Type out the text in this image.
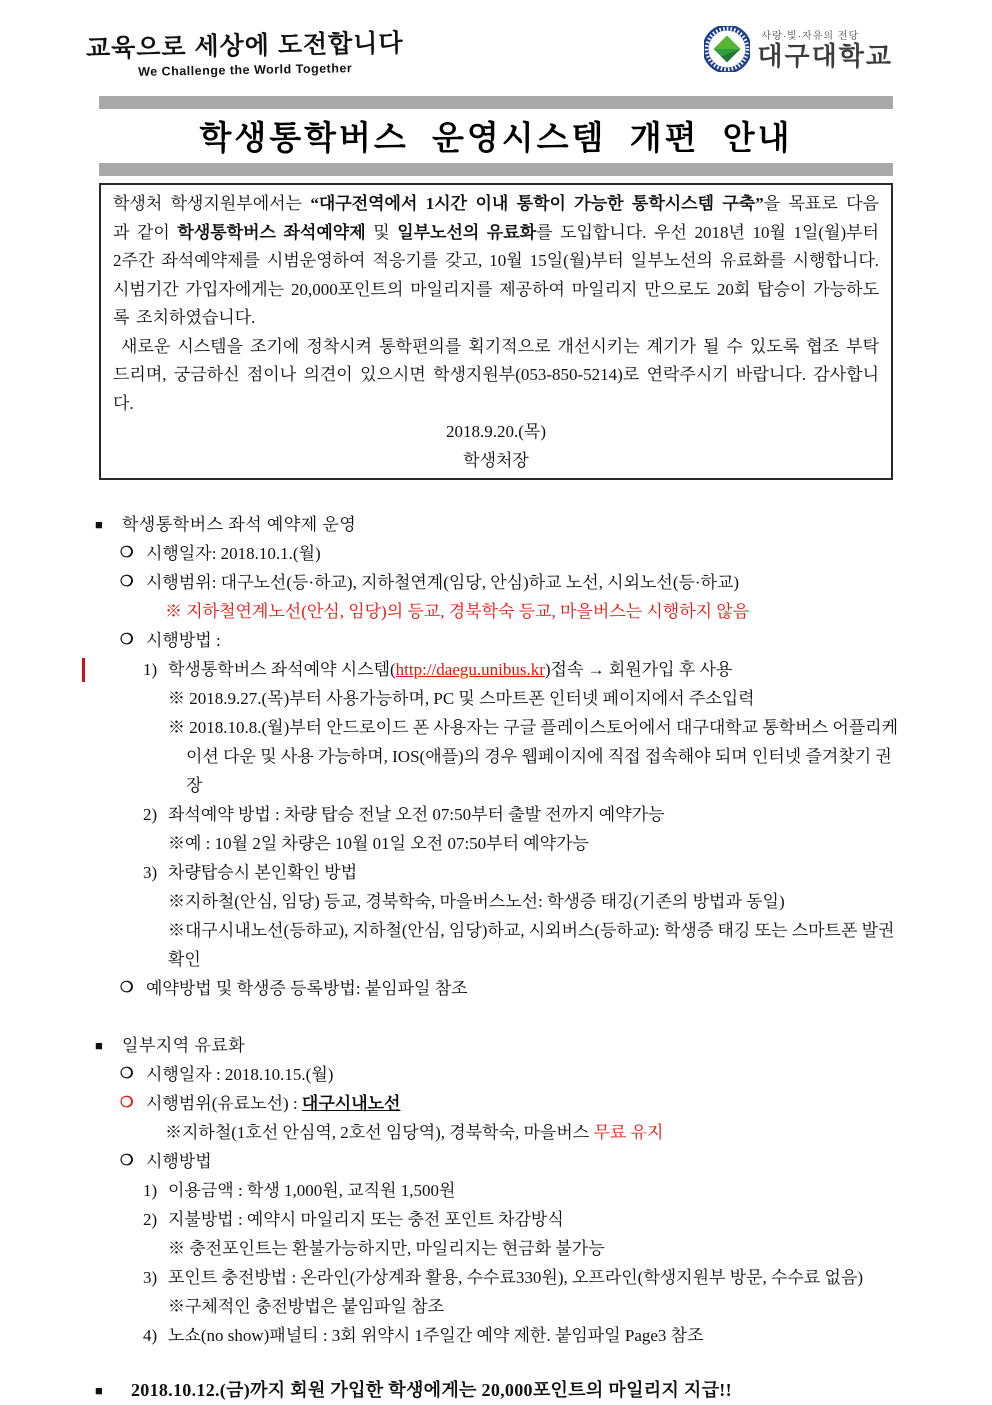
교육으로 세상에 도전합니다
We Challenge the World Together
사랑·빛·자유의 전당
대구대학교
학생통학버스 운영시스템 개편 안내

학생처 학생지원부에서는 “대구전역에서 1시간 이내 통학이 가능한 통학시스템 구축”을 목표로 다음과 같이 학생통학버스 좌석예약제 및 일부노선의 유료화를 도입합니다. 우선 2018년 10월 1일(월)부터 2주간 좌석예약제를 시범운영하여 적응기를 갖고, 10월 15일(월)부터 일부노선의 유료화를 시행합니다. 시범기간 가입자에게는 20,000포인트의 마일리지를 제공하여 마일리지 만으로도 20회 탑승이 가능하도록 조치하였습니다.

새로운 시스템을 조기에 정착시켜 통학편의를 획기적으로 개선시키는 계기가 될 수 있도록 협조 부탁드리며, 궁금하신 점이나 의견이 있으시면 학생지원부(053-850-5214)로 연락주시기 바랍니다. 감사합니다.

2018.9.20.(목)
학생처장
■	학생통학버스 좌석 예약제 운영
❍ 시행일자: 2018.10.1.(월)
❍ 시행범위: 대구노선(등·하교), 지하철연계(임당, 안심)하교 노선, 시외노선(등·하교)
※ 지하철연계노선(안심, 임당)의 등교, 경북학숙 등교, 마을버스는 시행하지 않음
❍ 시행방법 :
1) 학생통학버스 좌석예약 시스템(http://daegu.unibus.kr)접속 → 회원가입 후 사용
※ 2018.9.27.(목)부터 사용가능하며, PC 및 스마트폰 인터넷 페이지에서 주소입력
※ 2018.10.8.(월)부터 안드로이드 폰 사용자는 구글 플레이스토어에서 대구대학교 통학버스 어플리케이션 다운 및 사용 가능하며, IOS(애플)의 경우 웹페이지에 직접 접속해야 되며 인터넷 즐겨찾기 권장
2) 좌석예약 방법 : 차량 탑승 전날 오전 07:50부터 출발 전까지 예약가능
※예 : 10월 2일 차량은 10월 01일 오전 07:50부터 예약가능
3) 차량탑승시 본인확인 방법
※지하철(안심, 임당) 등교, 경북학숙, 마을버스노선: 학생증 태깅(기존의 방법과 동일)
※대구시내노선(등하교), 지하철(안심, 임당)하교, 시외버스(등하교): 학생증 태깅 또는 스마트폰 발권 확인
❍ 예약방법 및 학생증 등록방법: 붙임파일 참조
■	일부지역 유료화
❍ 시행일자 : 2018.10.15.(월)
❍ 시행범위(유료노선) : 대구시내노선
※지하철(1호선 안심역, 2호선 임당역), 경북학숙, 마을버스 무료 유지
❍ 시행방법
1) 이용금액 : 학생 1,000원, 교직원 1,500원
2) 지불방법 : 예약시 마일리지 또는 충전 포인트 차감방식
※ 충전포인트는 환불가능하지만, 마일리지는 현금화 불가능
3) 포인트 충전방법 : 온라인(가상계좌 활용, 수수료330원), 오프라인(학생지원부 방문, 수수료 없음)
※구체적인 충전방법은 붙임파일 참조
4) 노쇼(no show)패널티 : 3회 위약시 1주일간 예약 제한. 붙임파일 Page3 참조
■	2018.10.12.(금)까지 회원 가입한 학생에게는 20,000포인트의 마일리지 지급!!
